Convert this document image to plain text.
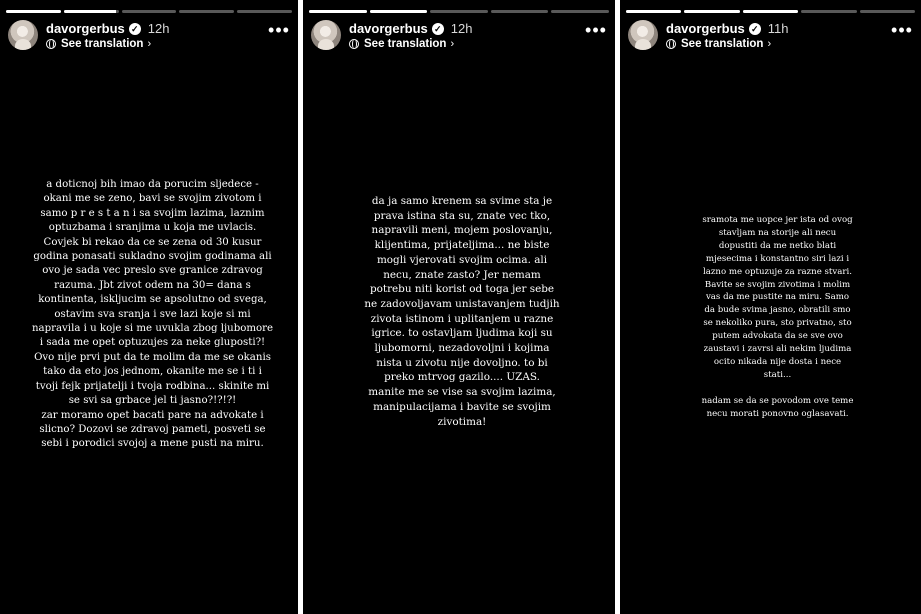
davorgerbus ✓ 12h
See translation ›
•••
a doticnoj bih imao da porucim sljedece -
okani me se zeno, bavi se svojim zivotom i
samo p r e s t a n i sa svojim lazima, laznim
optuzbama i sranjima u koja me uvlacis.
Covjek bi rekao da ce se zena od 30 kusur
godina ponasati sukladno svojim godinama ali
ovo je sada vec preslo sve granice zdravog
razuma. Jbt zivot odem na 30= dana s
kontinenta, iskljucim se apsolutno od svega,
ostavim sva sranja i sve lazi koje si mi
napravila i u koje si me uvukla zbog ljubomore
i sada me opet optuzujes za neke gluposti?!
Ovo nije prvi put da te molim da me se okanis
tako da eto jos jednom, okanite me se i ti i
tvoji fejk prijatelji i tvoja rodbina... skinite mi
se svi sa grbace jel ti jasno?!?!?!
zar moramo opet bacati pare na advokate i
slicno? Dozovi se zdravoj pameti, posveti se
sebi i porodici svojoj a mene pusti na miru.
davorgerbus ✓ 12h
See translation ›
•••
da ja samo krenem sa svime sta je
prava istina sta su, znate vec tko,
napravili meni, mojem poslovanju,
klijentima, prijateljima... ne biste
mogli vjerovati svojim ocima. ali
necu, znate zasto? Jer nemam
potrebu niti korist od toga jer sebe
ne zadovoljavam unistavanjem tudjih
zivota istinom i uplitanjem u razne
igrice. to ostavljam ljudima koji su
ljubomorni, nezadovoljni i kojima
nista u zivotu nije dovoljno. to bi
preko mtrvog gazilo.... UZAS.
manite me se vise sa svojim lazima,
manipulacijama i bavite se svojim
zivotima!
davorgerbus ✓ 11h
See translation ›
•••
sramota me uopce jer ista od ovog
stavljam na storije ali necu
dopustiti da me netko blati
mjesecima i konstantno siri lazi i
lazno me optuzuje za razne stvari.
Bavite se svojim zivotima i molim
vas da me pustite na miru. Samo
da bude svima jasno, obratili smo
se nekoliko pura, sto privatno, sto
putem advokata da se sve ovo
zaustavi i zavrsi ali nekim ljudima
ocito nikada nije dosta i nece
stati...

nadam se da se povodom ove teme
necu morati ponovno oglasavati.
